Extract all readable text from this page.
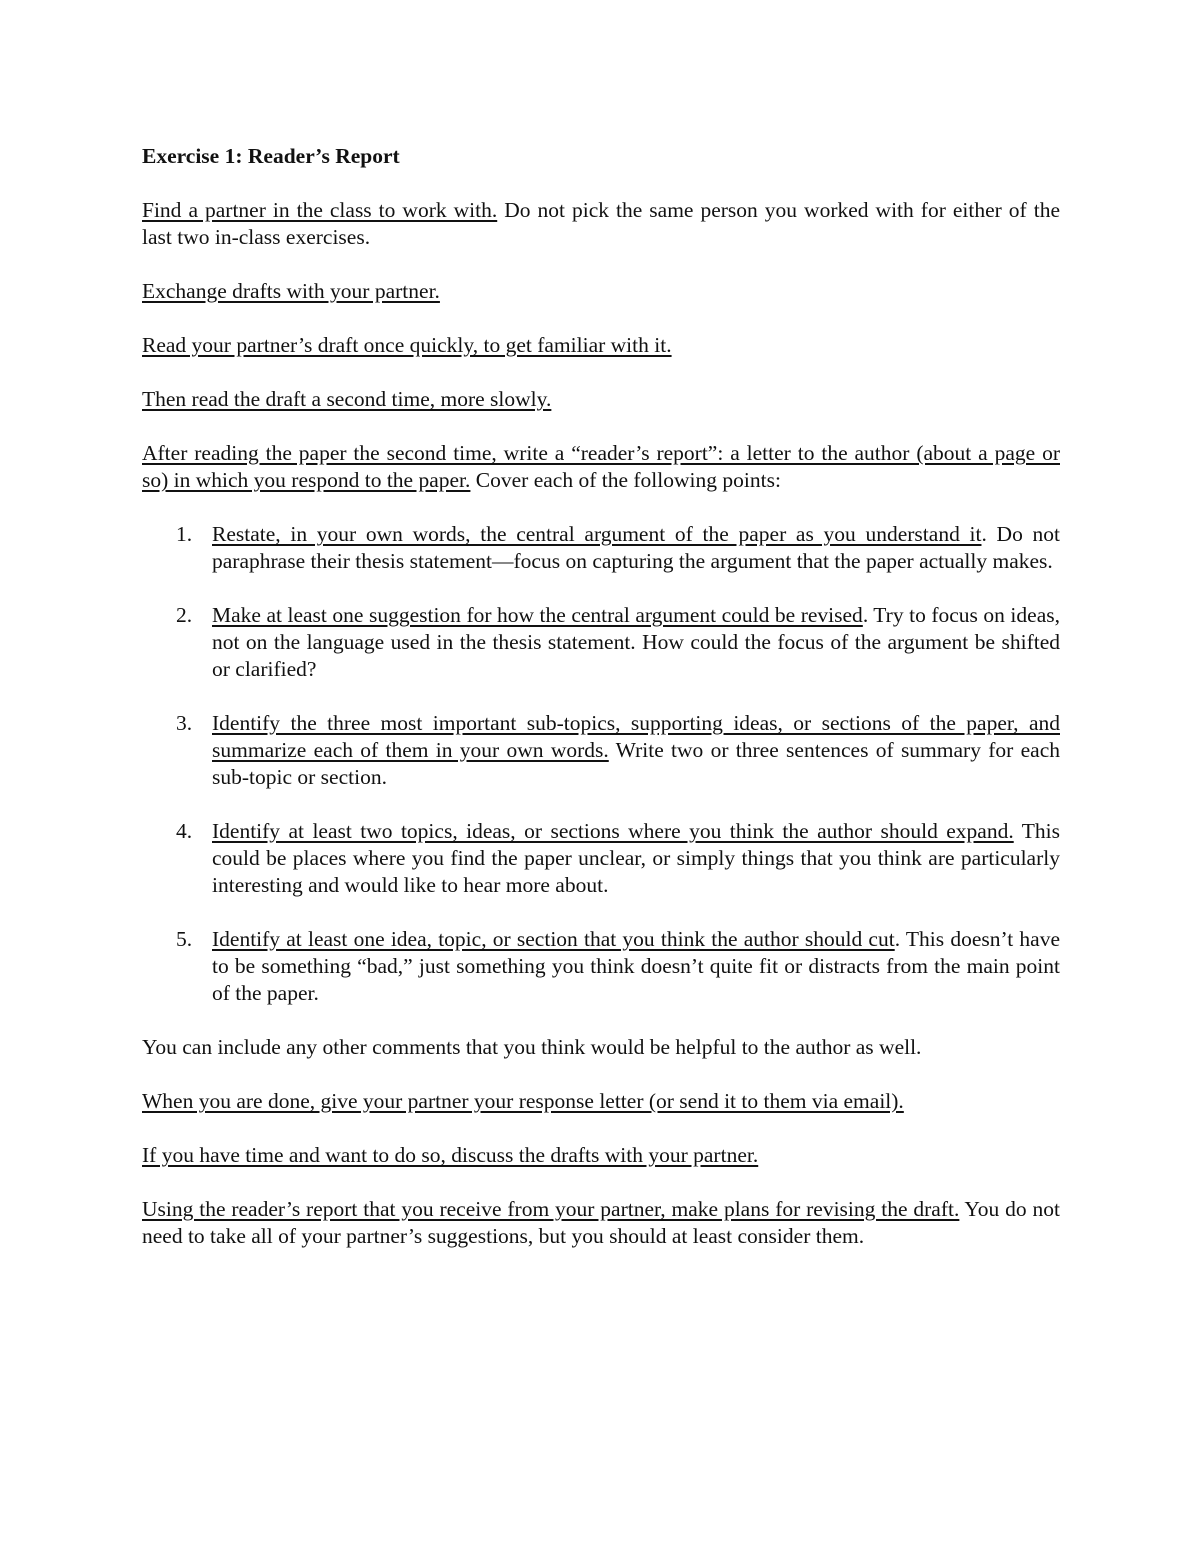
Exercise 1: Reader’s Report

Find a partner in the class to work with. Do not pick the same person you worked with for either of the last two in-class exercises.

Exchange drafts with your partner.

Read your partner’s draft once quickly, to get familiar with it.

Then read the draft a second time, more slowly.

After reading the paper the second time, write a “reader’s report”: a letter to the author (about a page or so) in which you respond to the paper. Cover each of the following points:

1. Restate, in your own words, the central argument of the paper as you understand it. Do not paraphrase their thesis statement—focus on capturing the argument that the paper actually makes.
2. Make at least one suggestion for how the central argument could be revised. Try to focus on ideas, not on the language used in the thesis statement. How could the focus of the argument be shifted or clarified?
3. Identify the three most important sub-topics, supporting ideas, or sections of the paper, and summarize each of them in your own words. Write two or three sentences of summary for each sub-topic or section.
4. Identify at least two topics, ideas, or sections where you think the author should expand. This could be places where you find the paper unclear, or simply things that you think are particularly interesting and would like to hear more about.
5. Identify at least one idea, topic, or section that you think the author should cut. This doesn’t have to be something “bad,” just something you think doesn’t quite fit or distracts from the main point of the paper.

You can include any other comments that you think would be helpful to the author as well.

When you are done, give your partner your response letter (or send it to them via email).

If you have time and want to do so, discuss the drafts with your partner.

Using the reader’s report that you receive from your partner, make plans for revising the draft. You do not need to take all of your partner’s suggestions, but you should at least consider them.
